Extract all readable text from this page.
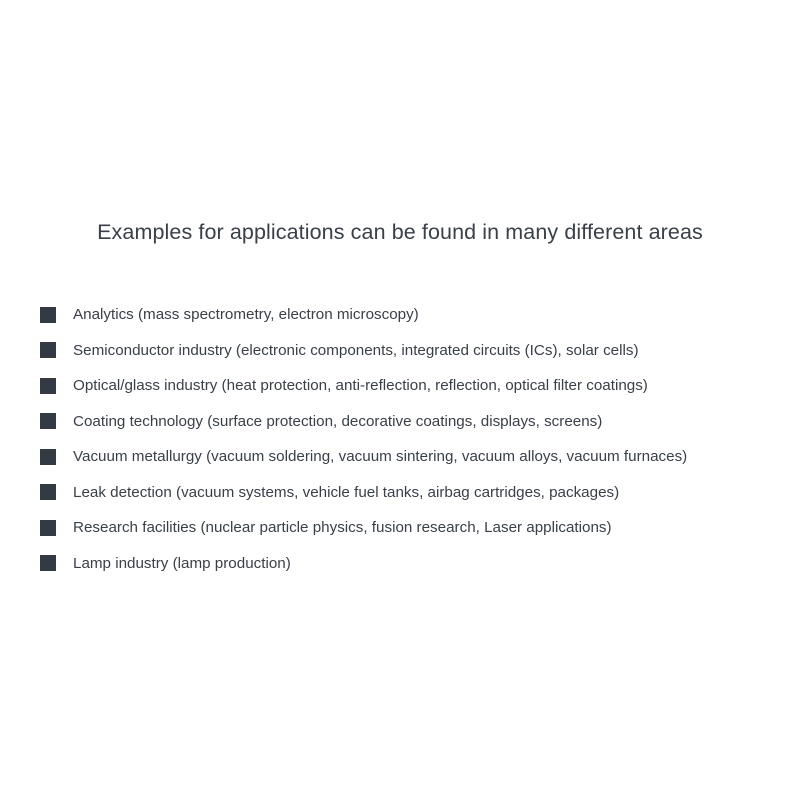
Examples for applications can be found in many different areas
Analytics (mass spectrometry, electron microscopy)
Semiconductor industry (electronic components, integrated circuits (ICs), solar cells)
Optical/glass industry (heat protection, anti-reflection, reflection, optical filter coatings)
Coating technology (surface protection, decorative coatings, displays, screens)
Vacuum metallurgy (vacuum soldering, vacuum sintering, vacuum alloys, vacuum furnaces)
Leak detection (vacuum systems, vehicle fuel tanks, airbag cartridges, packages)
Research facilities (nuclear particle physics, fusion research, Laser applications)
Lamp industry (lamp production)
